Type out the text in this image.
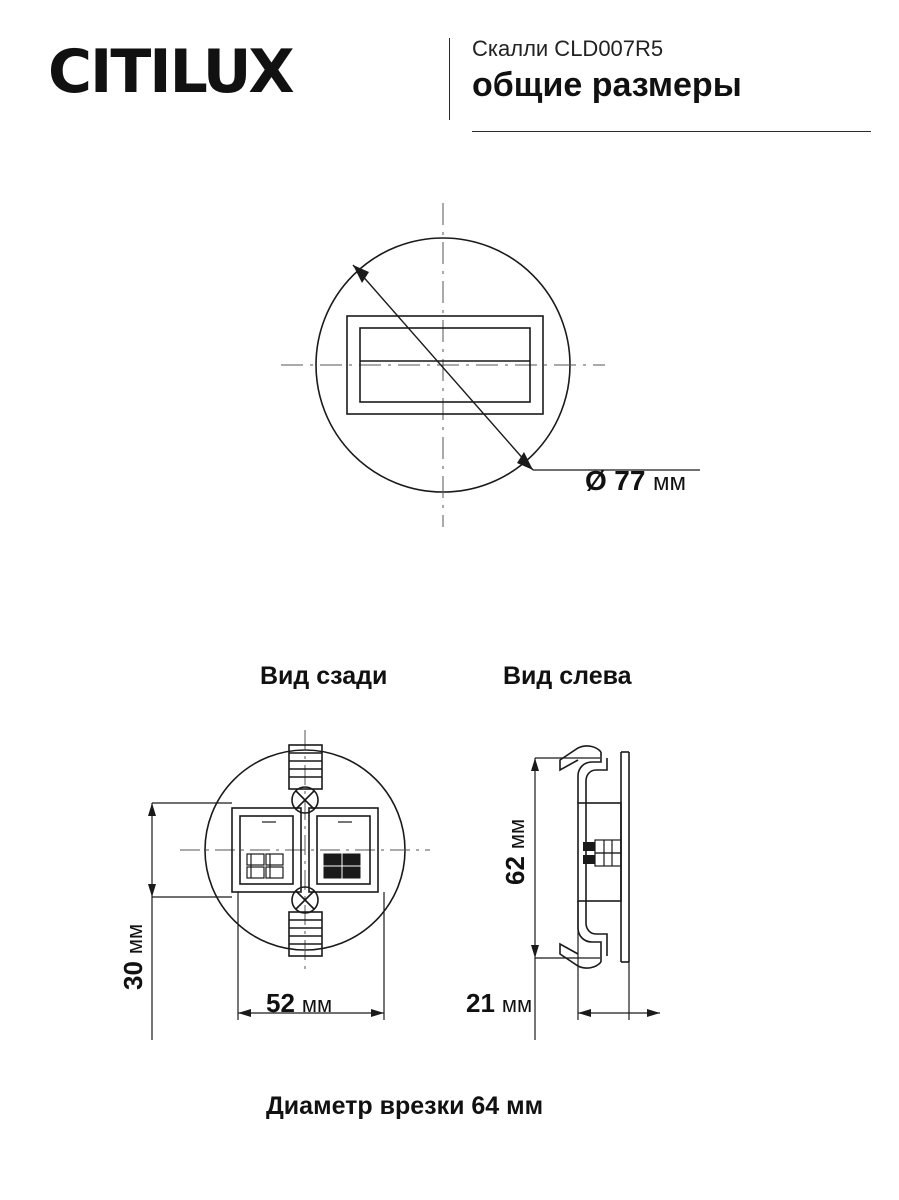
CITILUX	Скалли CLD007R5
общие размеры
Ø 77 мм
Вид сзади	Вид слева
30 мм
52 мм
62 мм
21 мм
Диаметр врезки 64 мм
